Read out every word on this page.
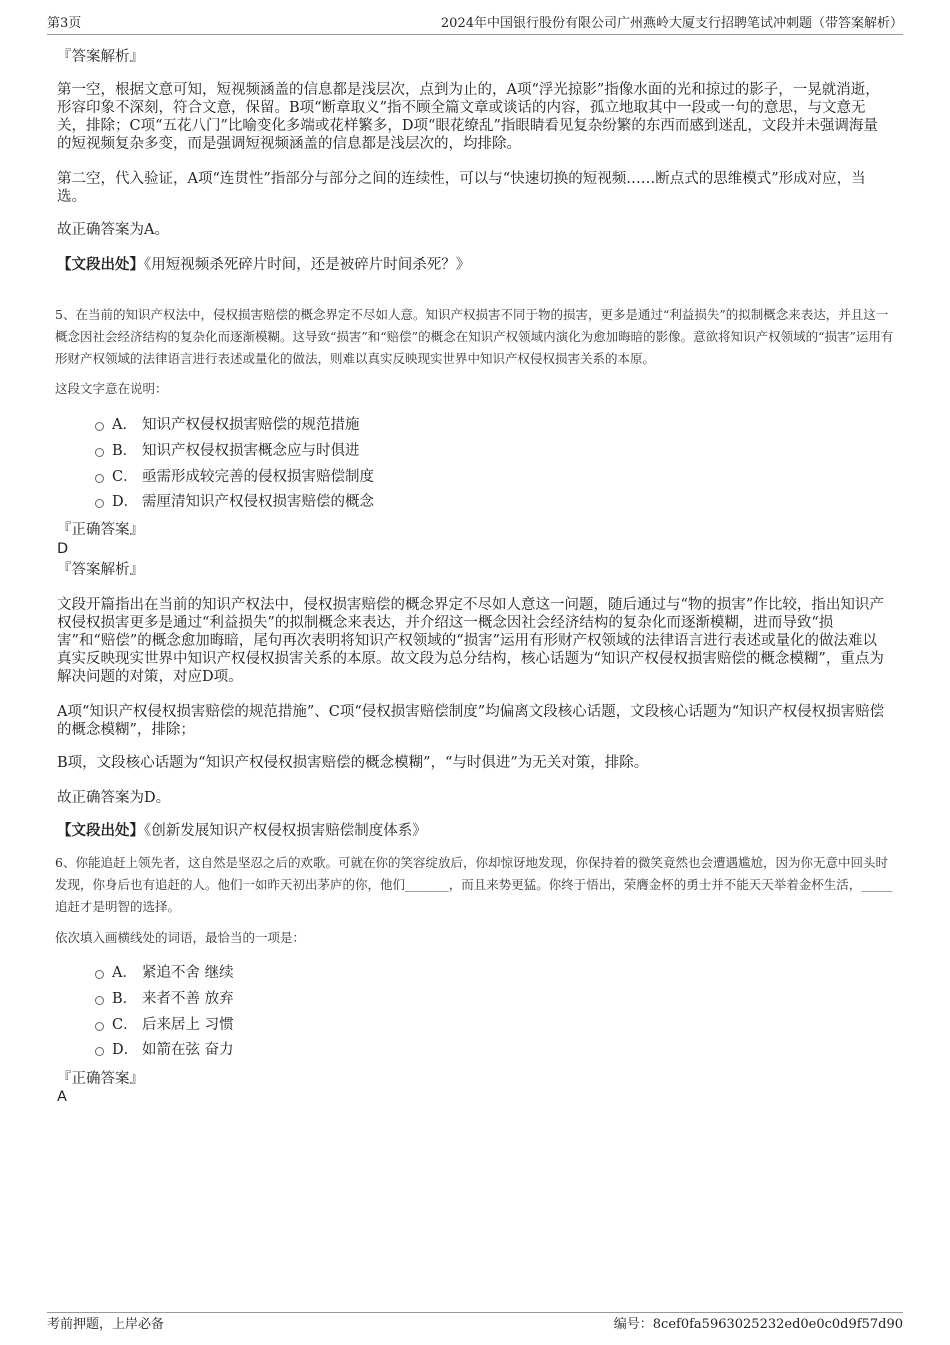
第3页	2024年中国银行股份有限公司广州燕岭大厦支行招聘笔试冲刺题（带答案解析）
『答案解析』

第一空，根据文意可知，短视频涵盖的信息都是浅层次，点到为止的，A项“浮光掠影”指像水面的光和掠过的影子，一晃就消逝，形容印象不深刻，符合文意，保留。B项“断章取义”指不顾全篇文章或谈话的内容，孤立地取其中一段或一句的意思，与文意无关，排除；C项“五花八门”比喻变化多端或花样繁多，D项“眼花缭乱”指眼睛看见复杂纷繁的东西而感到迷乱，文段并未强调海量的短视频复杂多变，而是强调短视频涵盖的信息都是浅层次的，均排除。

第二空，代入验证，A项“连贯性”指部分与部分之间的连续性，可以与“快速切换的短视频……断点式的思维模式”形成对应，当选。

故正确答案为A。

【文段出处】《用短视频杀死碎片时间，还是被碎片时间杀死？》

5、在当前的知识产权法中，侵权损害赔偿的概念界定不尽如人意。知识产权损害不同于物的损害，更多是通过“利益损失”的拟制概念来表达，并且这一概念因社会经济结构的复杂化而逐渐模糊。这导致“损害”和“赔偿”的概念在知识产权领域内演化为愈加晦暗的影像。意欲将知识产权领域的“损害”运用有形财产权领域的法律语言进行表述或量化的做法，则难以真实反映现实世界中知识产权侵权损害关系的本原。

这段文字意在说明：

A． 知识产权侵权损害赔偿的规范措施
B． 知识产权侵权损害概念应与时俱进
C． 亟需形成较完善的侵权损害赔偿制度
D． 需厘清知识产权侵权损害赔偿的概念
『正确答案』
D
『答案解析』

文段开篇指出在当前的知识产权法中，侵权损害赔偿的概念界定不尽如人意这一问题，随后通过与“物的损害”作比较，指出知识产权侵权损害更多是通过“利益损失”的拟制概念来表达，并介绍这一概念因社会经济结构的复杂化而逐渐模糊，进而导致“损害”和“赔偿”的概念愈加晦暗，尾句再次表明将知识产权领域的“损害”运用有形财产权领域的法律语言进行表述或量化的做法难以真实反映现实世界中知识产权侵权损害关系的本原。故文段为总分结构，核心话题为“知识产权侵权损害赔偿的概念模糊”，重点为解决问题的对策，对应D项。

A项“知识产权侵权损害赔偿的规范措施”、C项“侵权损害赔偿制度”均偏离文段核心话题，文段核心话题为“知识产权侵权损害赔偿的概念模糊”，排除；

B项，文段核心话题为“知识产权侵权损害赔偿的概念模糊”，“与时俱进”为无关对策，排除。

故正确答案为D。

【文段出处】《创新发展知识产权侵权损害赔偿制度体系》

6、你能追赶上领先者，这自然是坚忍之后的欢歌。可就在你的笑容绽放后，你却惊讶地发现，你保持着的微笑竟然也会遭遇尴尬，因为你无意中回头时发现，你身后也有追赶的人。他们一如昨天初出茅庐的你，他们_______，而且来势更猛。你终于悟出，荣膺金杯的勇士并不能天天举着金杯生活，_____追赶才是明智的选择。

依次填入画横线处的词语，最恰当的一项是：

A． 紧追不舍 继续
B． 来者不善 放弃
C． 后来居上 习惯
D． 如箭在弦 奋力
『正确答案』
A
考前押题，上岸必备	编号：8cef0fa5963025232ed0e0c0d9f57d90
